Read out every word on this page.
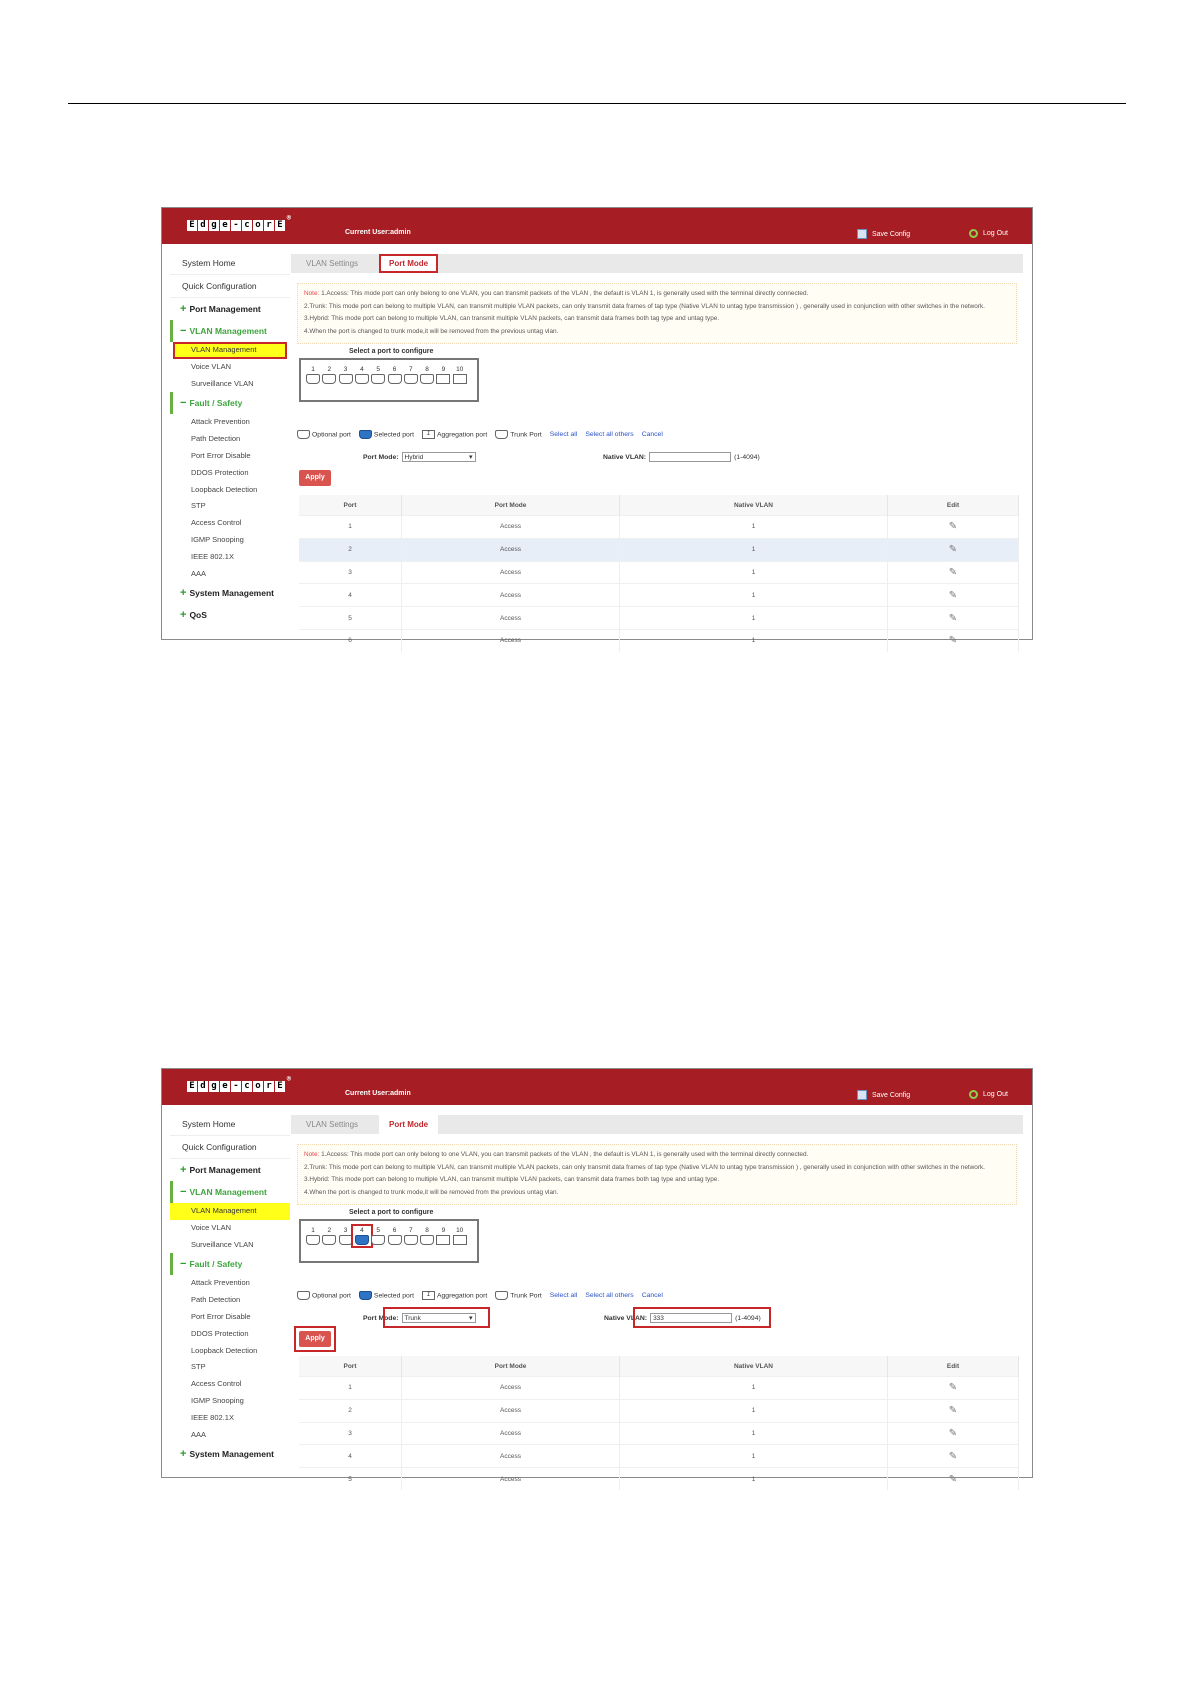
E d g e - c o r E
®
Current User:admin	Save Config	Log Out
System Home
Quick Configuration
+ Port Management
− VLAN Management
VLAN Management
Voice VLAN
Surveillance VLAN
− Fault / Safety
Attack Prevention
Path Detection
Port Error Disable
DDOS Protection
Loopback Detection
STP
Access Control
IGMP Snooping
IEEE 802.1X
AAA
+ System Management
+ QoS
VLAN Settings	Port Mode
Note: 1.Access: This mode port can only belong to one VLAN, you can transmit packets of the VLAN , the default is VLAN 1, is generally used with the terminal directly connected.
2.Trunk: This mode port can belong to multiple VLAN, can transmit multiple VLAN packets, can only transmit data frames of tap type (Native VLAN to untag type transmission ) , generally used in conjunction with other switches in the network.
3.Hybrid: This mode port can belong to multiple VLAN, can transmit multiple VLAN packets, can transmit data frames both tag type and untag type.
4.When the port is changed to trunk mode,it will be removed from the previous untag vlan.
Select a port to configure
1	2	3	4	5	6	7	8	9	10
Optional port	Selected port	1 Aggregation port	Trunk Port Select all Select all others Cancel
Port Mode: Hybrid ▾	Native VLAN:	(1-4094)
Apply
Port	Port Mode	Native VLAN	Edit
1	Access	1	✎
2	Access	1	✎
3	Access	1	✎
4	Access	1	✎
5	Access	1	✎
6	Access	1	✎
E d g e - c o r E
®
Current User:admin	Save Config	Log Out
System Home
Quick Configuration
+ Port Management
− VLAN Management
VLAN Management
Voice VLAN
Surveillance VLAN
− Fault / Safety
Attack Prevention
Path Detection
Port Error Disable
DDOS Protection
Loopback Detection
STP
Access Control
IGMP Snooping
IEEE 802.1X
AAA
+ System Management
VLAN Settings	Port Mode
Note: 1.Access: This mode port can only belong to one VLAN, you can transmit packets of the VLAN , the default is VLAN 1, is generally used with the terminal directly connected.
2.Trunk: This mode port can belong to multiple VLAN, can transmit multiple VLAN packets, can only transmit data frames of tap type (Native VLAN to untag type transmission ) , generally used in conjunction with other switches in the network.
3.Hybrid: This mode port can belong to multiple VLAN, can transmit multiple VLAN packets, can transmit data frames both tag type and untag type.
4.When the port is changed to trunk mode,it will be removed from the previous untag vlan.
Select a port to configure
1	2	3	4	5	6	7	8	9	10
Optional port	Selected port	1 Aggregation port	Trunk Port Select all Select all others Cancel
Port Mode: Trunk ▾	Native VLAN: 333	(1-4094)
Apply
Port	Port Mode	Native VLAN	Edit
1	Access	1	✎
2	Access	1	✎
3	Access	1	✎
4	Access	1	✎
5	Access	1	✎
